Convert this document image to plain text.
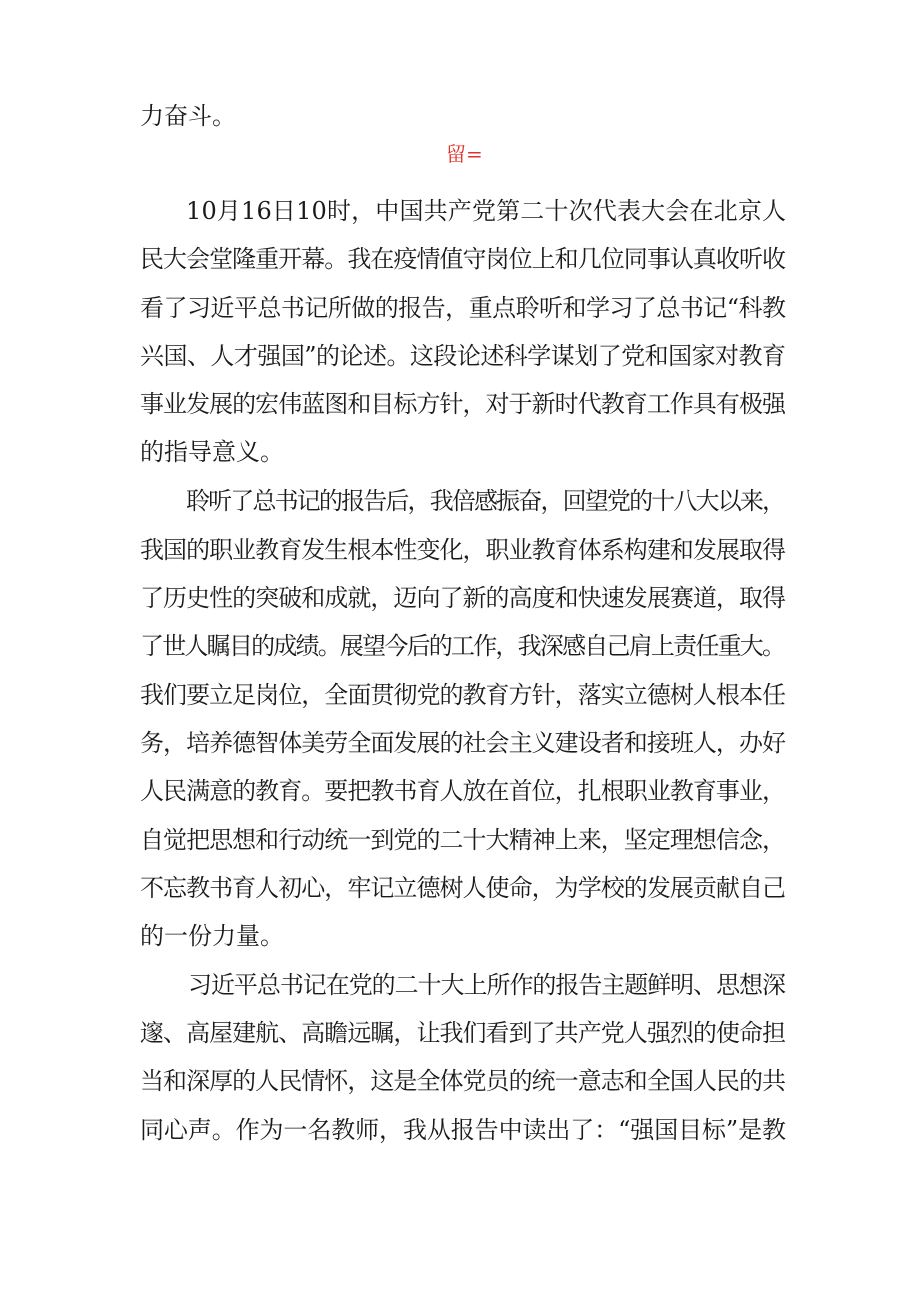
力奋斗。
留=
10月16日10时，中国共产党第二十次代表大会在北京人
民大会堂隆重开幕。我在疫情值守岗位上和几位同事认真收听收
看了习近平总书记所做的报告，重点聆听和学习了总书记“科教
兴国、人才强国”的论述。这段论述科学谋划了党和国家对教育
事业发展的宏伟蓝图和目标方针，对于新时代教育工作具有极强
的指导意义。
聆听了总书记的报告后，我倍感振奋，回望党的十八大以来，
我国的职业教育发生根本性变化，职业教育体系构建和发展取得
了历史性的突破和成就，迈向了新的高度和快速发展赛道，取得
了世人瞩目的成绩。展望今后的工作，我深感自己肩上责任重大。
我们要立足岗位，全面贯彻党的教育方针，落实立德树人根本任
务，培养德智体美劳全面发展的社会主义建设者和接班人，办好
人民满意的教育。要把教书育人放在首位，扎根职业教育事业，
自觉把思想和行动统一到党的二十大精神上来，坚定理想信念，
不忘教书育人初心，牢记立德树人使命，为学校的发展贡献自己
的一份力量。
习近平总书记在党的二十大上所作的报告主题鲜明、思想深
邃、高屋建航、高瞻远瞩，让我们看到了共产党人强烈的使命担
当和深厚的人民情怀，这是全体党员的统一意志和全国人民的共
同心声。作为一名教师，我从报告中读出了：“强国目标”是教
